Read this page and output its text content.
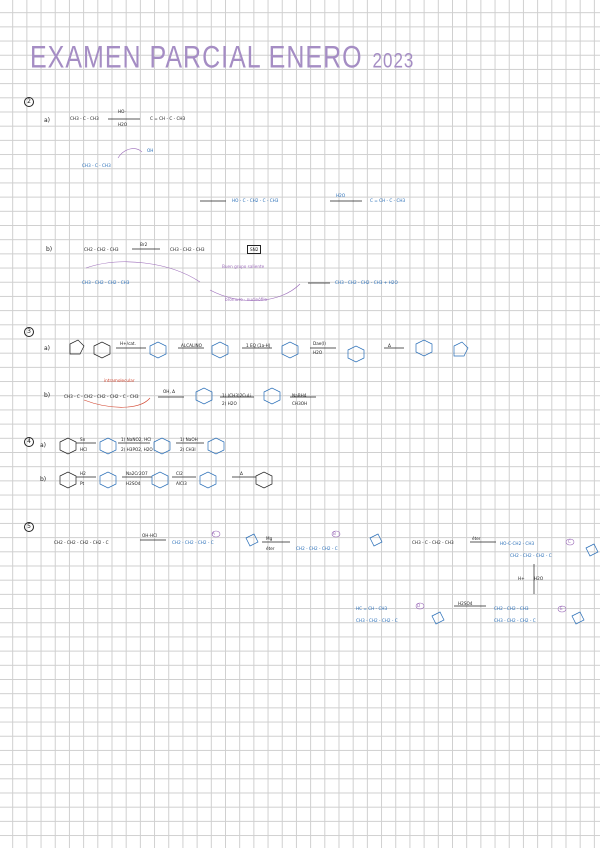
EXAMEN PARCIAL ENERO 2023
2
3
4
5
a)
b)
a)
b)
a)
b)
CH3 - C - CH3
HO⁻
H2O
C = CH - C - CH3
CH3 - C - CH3
OH
HO - C - CH2 - C - CH3
H2O
C = CH - C - CH3
CH2 - CH2 - CH3
Br2
CH3 - CH2 - CH3	SN2
Buen grupo saliente
bromuro · nucleófilo
CH3 - CH2 - CH2 - CH3	CH3 - CH2 - CH2 - CH3 + H2O
H+/cat.	ALCALINO	1 EQ (1a-H)	Dae(I)
H2O
Δ
CH3 - C - CH2 - CH2 - CH2 - C - CH3
intramolecular
OH, Δ
1) (CH3)2CuLi
2) H2O
NaBH4
CH3OH
Sn
HCl
1) NaNO2, HCl
2) H3PO2, H2O
1) NaOH
2) CH3I
H2
Pt
Na2Cr2O7
H2SO4
Cl2
AlCl3
Δ
CH2 - CH2 - CH2 - CH2 - C
OH-HCl
CH2 - CH2 - CH2 - C
Mg
éter	CH2 - CH2 - CH2 - C
CH3 - C - CH2 - CH3
éter
HO-C-CH2 - CH3
CH2 - CH2 - CH2 - C
H+ H2O
H2SO4
HC = CH - CH3
CH3 - CH2 - CH2 - C
CH2 - CH2 - CH3
CH3 - CH2 - CH2 - C
A	B
C
D
E
